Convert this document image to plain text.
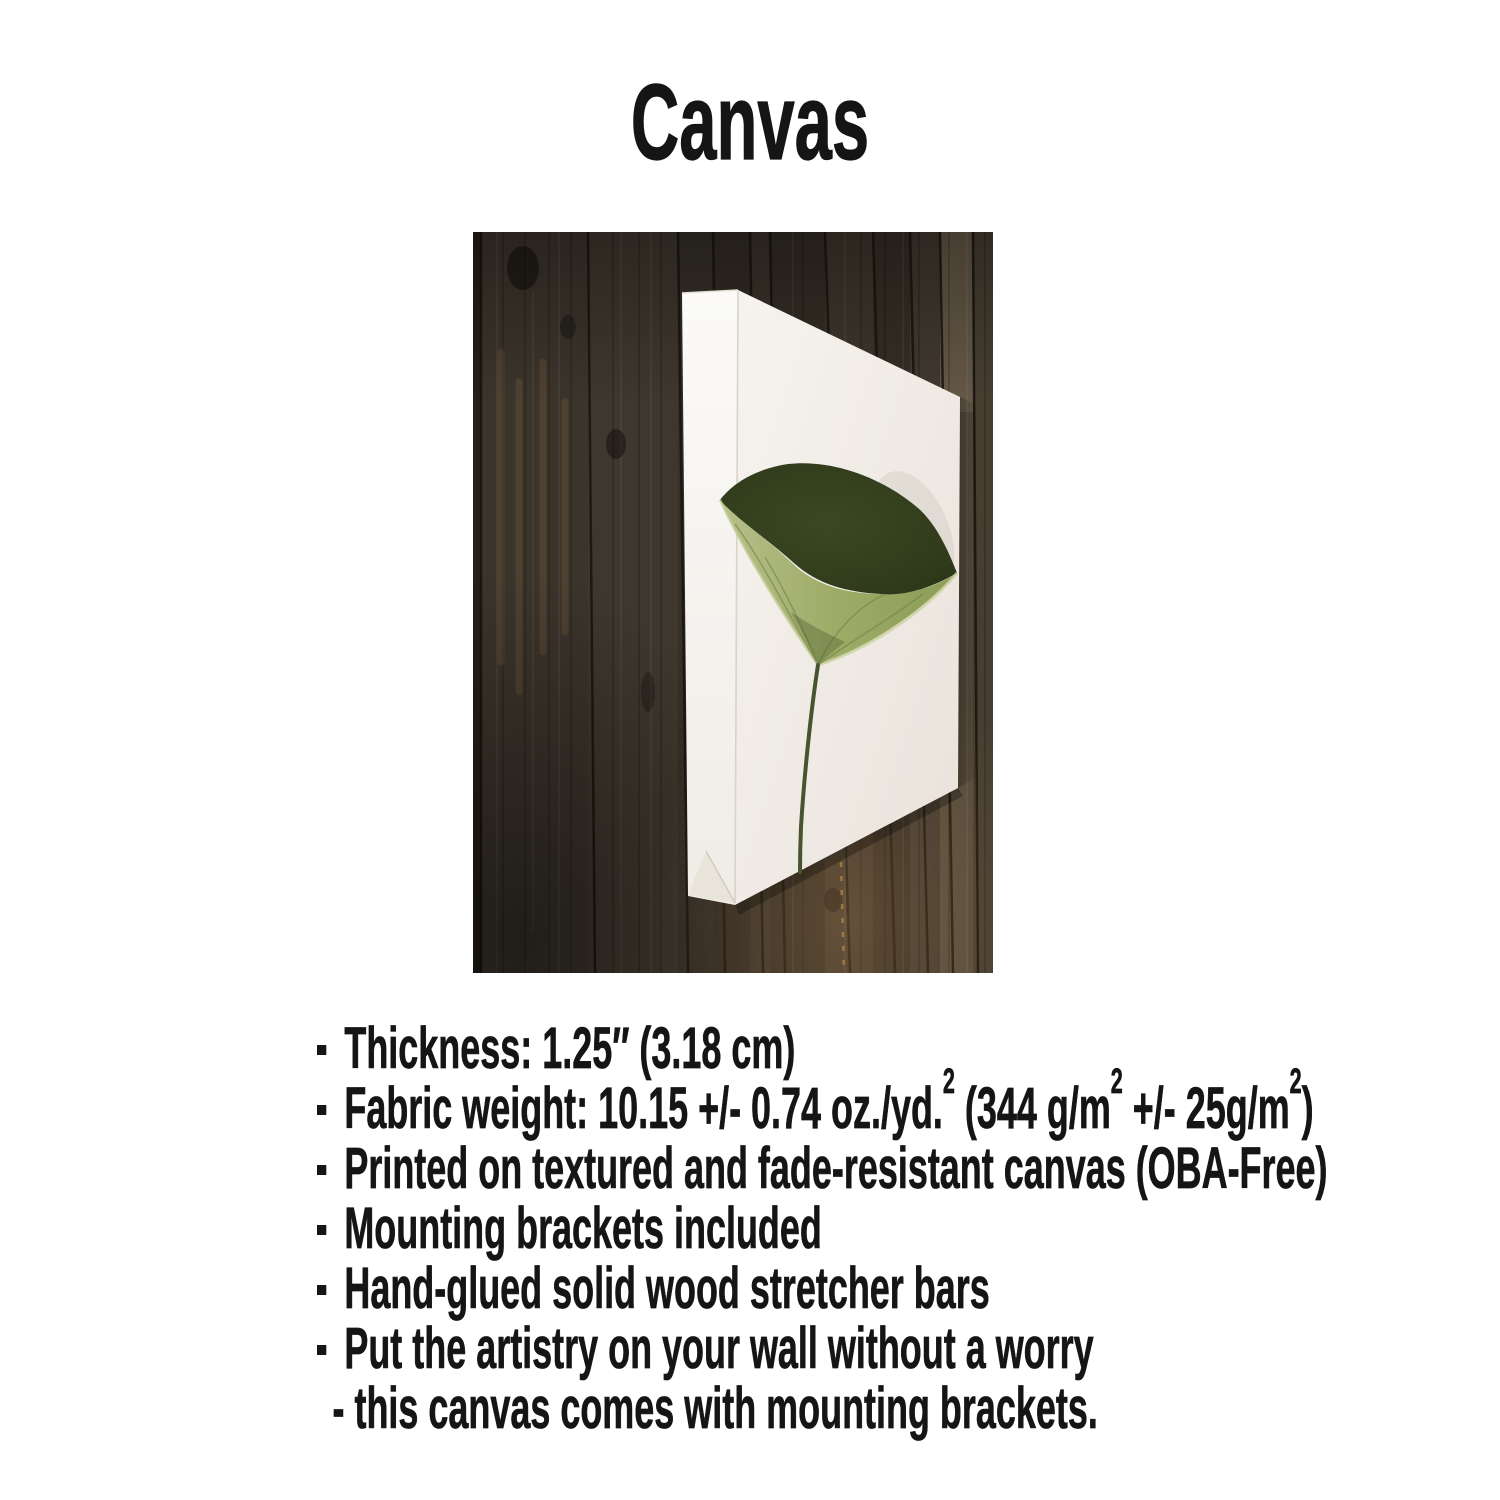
Canvas
Thickness: 1.25″ (3.18 cm)
Fabric weight: 10.15 +/- 0.74 oz./yd.$^2$ (344 $g/m^2$ +/- $25g/m^2$)
Printed on textured and fade-resistant canvas (OBA-Free)
Mounting brackets included
Hand-glued solid wood stretcher bars
Put the artistry on your wall without a worry
- this canvas comes with mounting brackets.
